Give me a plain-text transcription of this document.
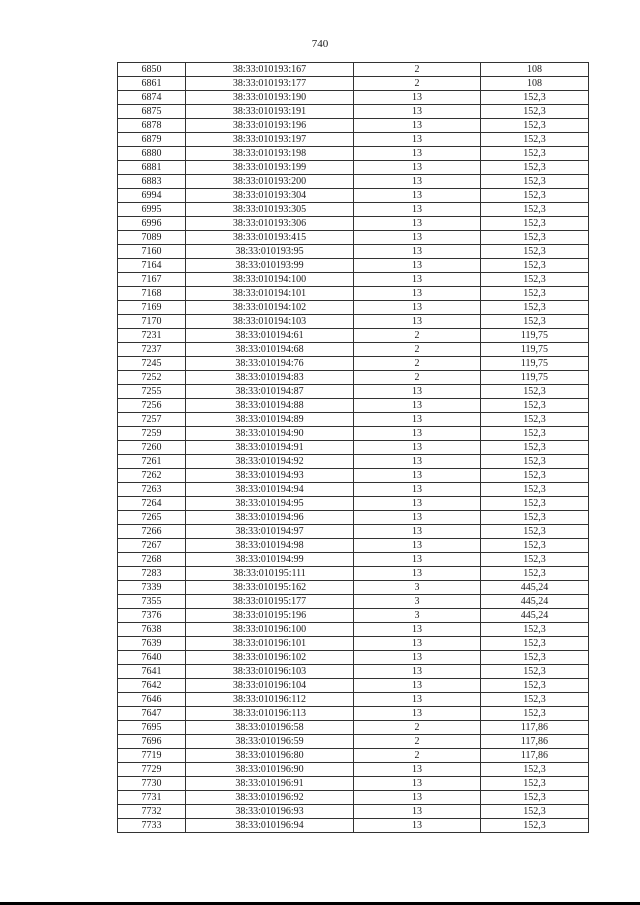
740
6850	38:33:010193:167	2	108
6861	38:33:010193:177	2	108
6874	38:33:010193:190	13	152,3
6875	38:33:010193:191	13	152,3
6878	38:33:010193:196	13	152,3
6879	38:33:010193:197	13	152,3
6880	38:33:010193:198	13	152,3
6881	38:33:010193:199	13	152,3
6883	38:33:010193:200	13	152,3
6994	38:33:010193:304	13	152,3
6995	38:33:010193:305	13	152,3
6996	38:33:010193:306	13	152,3
7089	38:33:010193:415	13	152,3
7160	38:33:010193:95	13	152,3
7164	38:33:010193:99	13	152,3
7167	38:33:010194:100	13	152,3
7168	38:33:010194:101	13	152,3
7169	38:33:010194:102	13	152,3
7170	38:33:010194:103	13	152,3
7231	38:33:010194:61	2	119,75
7237	38:33:010194:68	2	119,75
7245	38:33:010194:76	2	119,75
7252	38:33:010194:83	2	119,75
7255	38:33:010194:87	13	152,3
7256	38:33:010194:88	13	152,3
7257	38:33:010194:89	13	152,3
7259	38:33:010194:90	13	152,3
7260	38:33:010194:91	13	152,3
7261	38:33:010194:92	13	152,3
7262	38:33:010194:93	13	152,3
7263	38:33:010194:94	13	152,3
7264	38:33:010194:95	13	152,3
7265	38:33:010194:96	13	152,3
7266	38:33:010194:97	13	152,3
7267	38:33:010194:98	13	152,3
7268	38:33:010194:99	13	152,3
7283	38:33:010195:111	13	152,3
7339	38:33:010195:162	3	445,24
7355	38:33:010195:177	3	445,24
7376	38:33:010195:196	3	445,24
7638	38:33:010196:100	13	152,3
7639	38:33:010196:101	13	152,3
7640	38:33:010196:102	13	152,3
7641	38:33:010196:103	13	152,3
7642	38:33:010196:104	13	152,3
7646	38:33:010196:112	13	152,3
7647	38:33:010196:113	13	152,3
7695	38:33:010196:58	2	117,86
7696	38:33:010196:59	2	117,86
7719	38:33:010196:80	2	117,86
7729	38:33:010196:90	13	152,3
7730	38:33:010196:91	13	152,3
7731	38:33:010196:92	13	152,3
7732	38:33:010196:93	13	152,3
7733	38:33:010196:94	13	152,3
